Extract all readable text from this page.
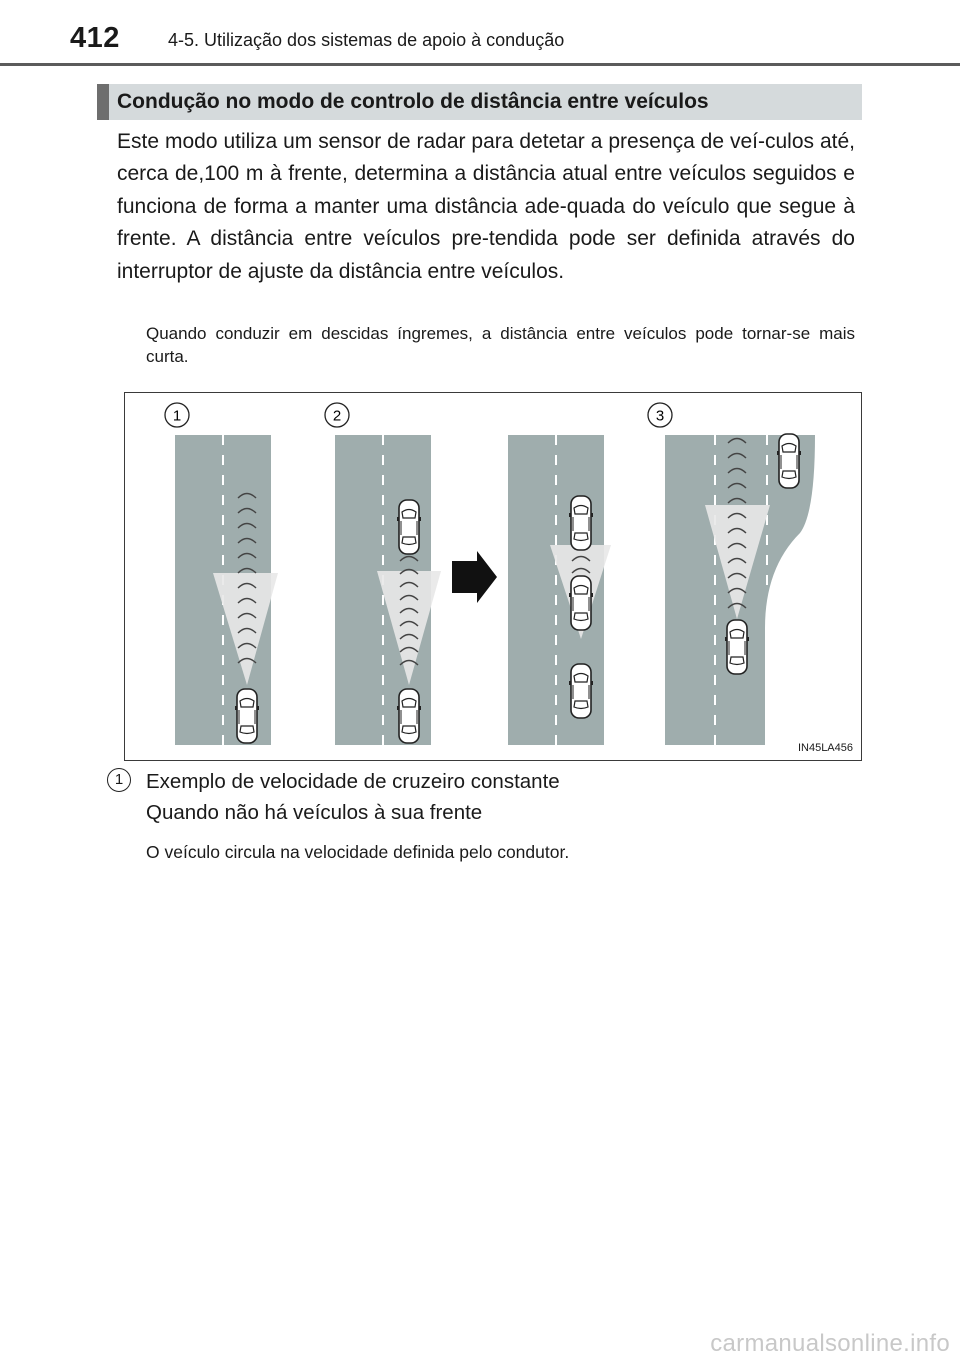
412	4-5. Utilização dos sistemas de apoio à condução
Condução no modo de controlo de distância entre veículos
Este modo utiliza um sensor de radar para detetar a presença de veí-culos até, cerca de,100 m à frente, determina a distância atual entre veículos seguidos e funciona de forma a manter uma distância ade-quada do veículo que segue à frente. A distância entre veículos pre-tendida pode ser definida através do interruptor de ajuste da distância entre veículos.
Quando conduzir em descidas íngremes, a distância entre veículos pode tornar-se mais curta.
1	2	3
IN45LA456
1	Exemplo de velocidade de cruzeiro constante
Quando não há veículos à sua frente
O veículo circula na velocidade definida pelo condutor.
carmanualsonline.info
